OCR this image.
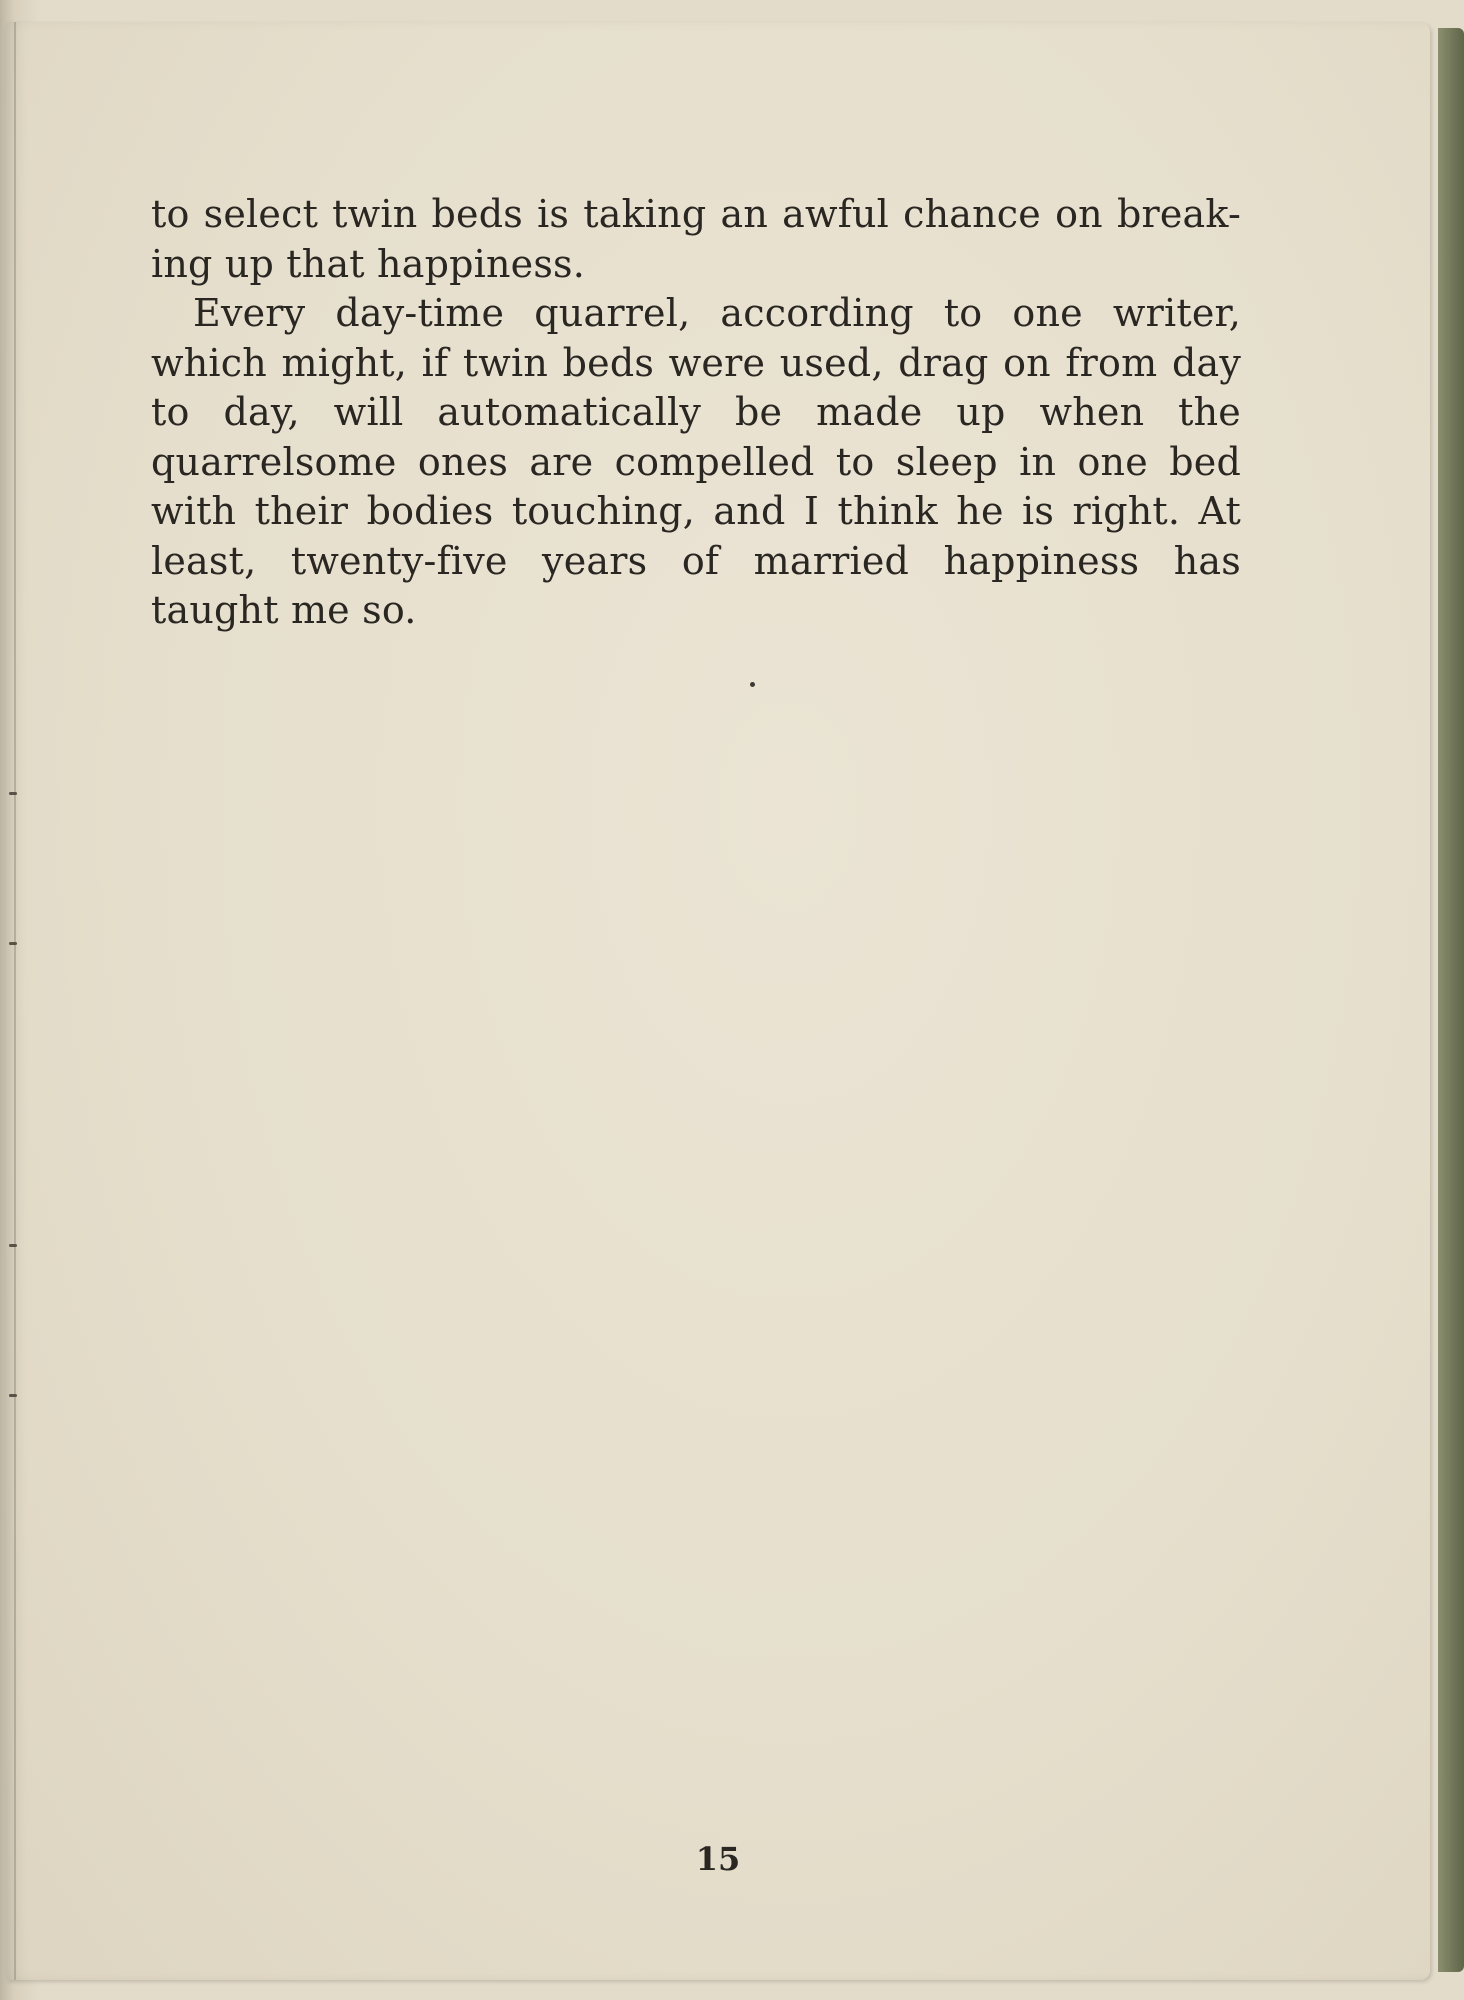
to select twin beds is taking an awful chance on break-ing up that happiness.

Every day-time quarrel, according to one writer, which might, if twin beds were used, drag on from day to day, will automatically be made up when the quarrelsome ones are compelled to sleep in one bed with their bodies touching, and I think he is right. At least, twenty-five years of married happiness has taught me so.

15
